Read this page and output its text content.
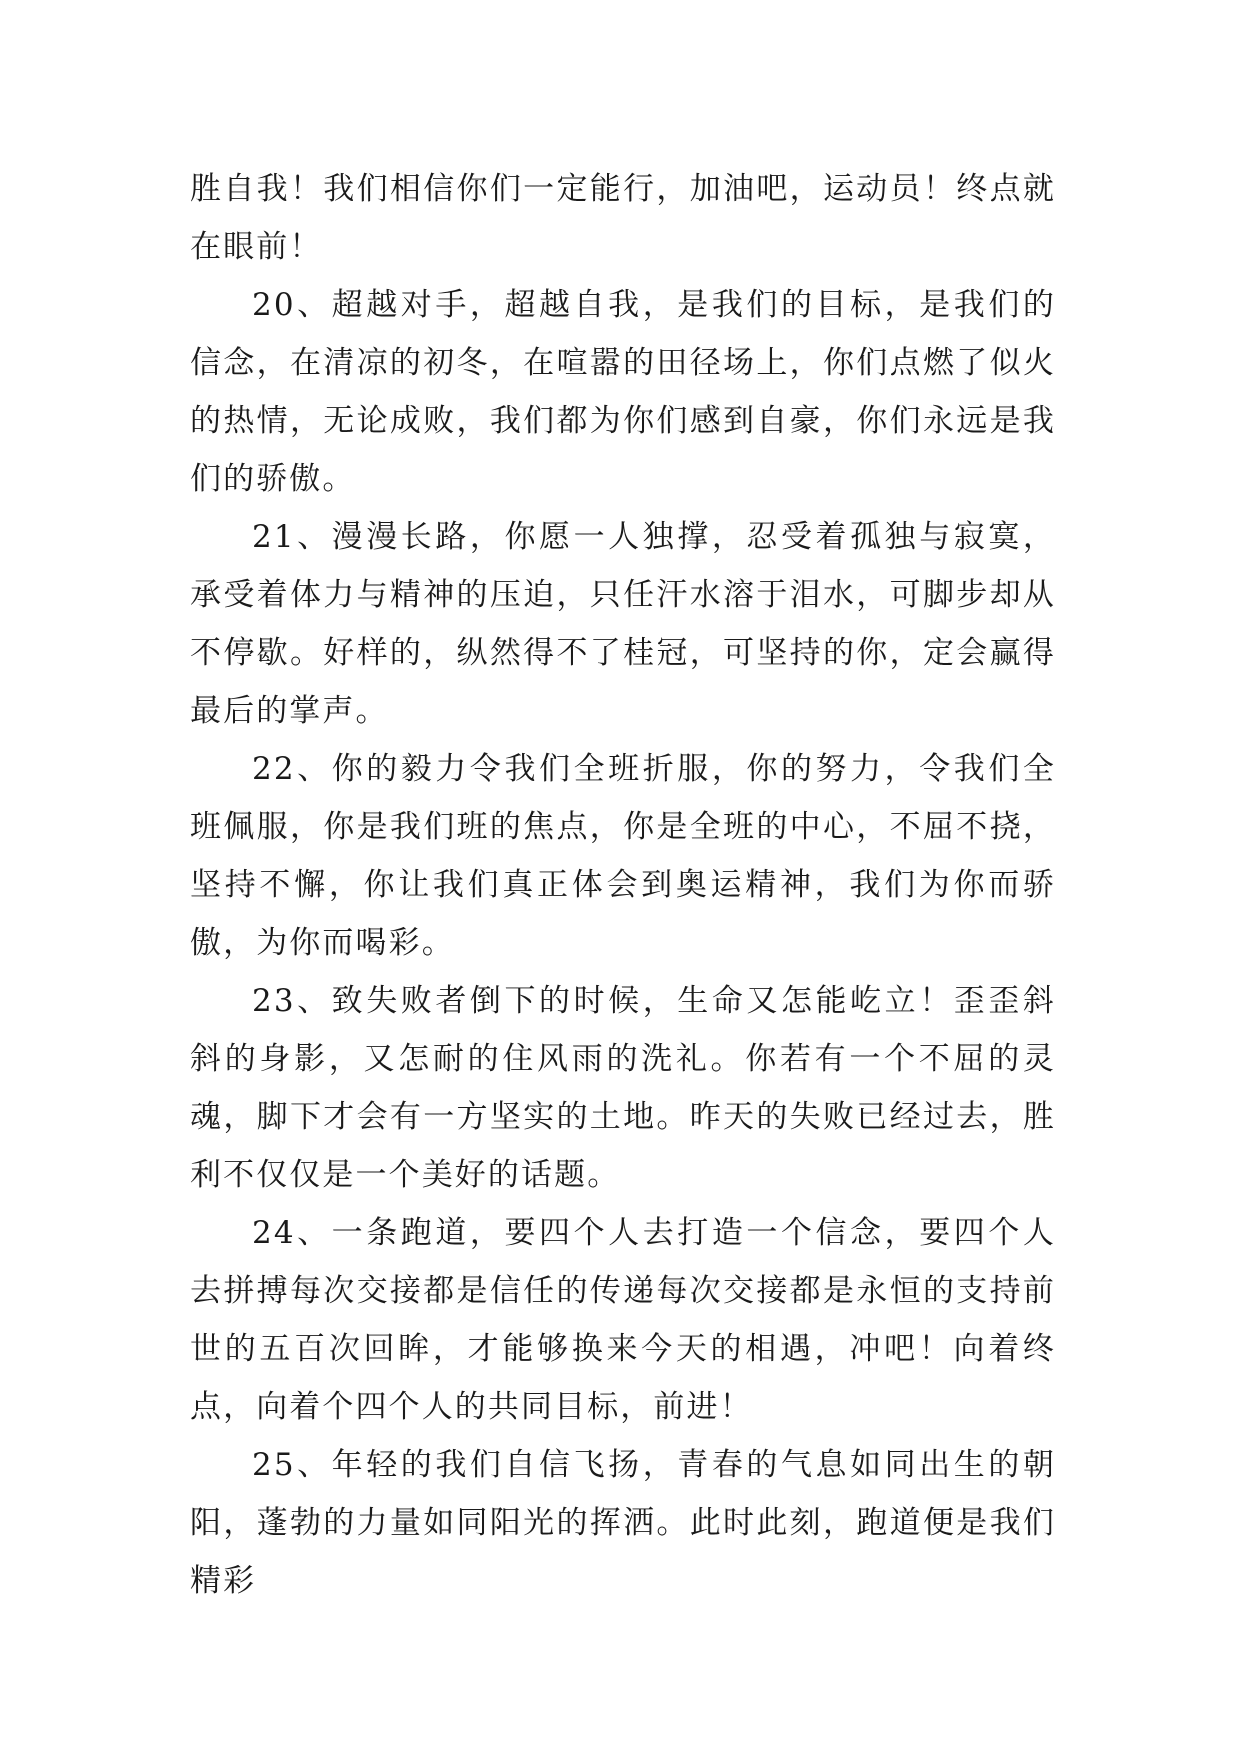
胜自我！我们相信你们一定能行，加油吧，运动员！终点就在眼前！

20、超越对手，超越自我，是我们的目标，是我们的信念，在清凉的初冬，在喧嚣的田径场上，你们点燃了似火的热情，无论成败，我们都为你们感到自豪，你们永远是我们的骄傲。

21、漫漫长路，你愿一人独撑，忍受着孤独与寂寞，承受着体力与精神的压迫，只任汗水溶于泪水，可脚步却从不停歇。好样的，纵然得不了桂冠，可坚持的你，定会赢得最后的掌声。

22、你的毅力令我们全班折服，你的努力，令我们全班佩服，你是我们班的焦点，你是全班的中心，不屈不挠，坚持不懈，你让我们真正体会到奥运精神，我们为你而骄傲，为你而喝彩。

23、致失败者倒下的时候，生命又怎能屹立！歪歪斜斜的身影，又怎耐的住风雨的洗礼。你若有一个不屈的灵魂，脚下才会有一方坚实的土地。昨天的失败已经过去，胜利不仅仅是一个美好的话题。

24、一条跑道，要四个人去打造一个信念，要四个人去拼搏每次交接都是信任的传递每次交接都是永恒的支持前世的五百次回眸，才能够换来今天的相遇，冲吧！向着终点，向着个四个人的共同目标，前进！

25、年轻的我们自信飞扬，青春的气息如同出生的朝阳，蓬勃的力量如同阳光的挥洒。此时此刻，跑道便是我们精彩
